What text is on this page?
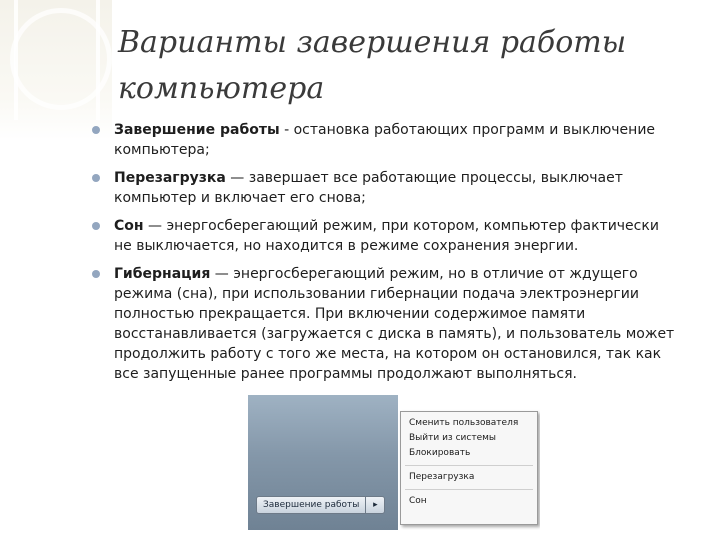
Варианты завершения работы компьютера
Завершение работы - остановка работающих программ и выключение компьютера;
Перезагрузка — завершает все работающие процессы, выключает компьютер и включает его снова;
Сон — энергосберегающий режим, при котором, компьютер фактически не выключается, но находится в режиме сохранения энергии.
Гибернация — энергосберегающий режим, но в отличие от ждущего режима (сна), при использовании гибернации подача электроэнергии полностью прекращается. При включении содержимое памяти восстанавливается (загружается с диска в память), и пользователь может продолжить работу с того же места, на котором он остановился, так как все запущенные ранее программы продолжают выполняться.
Завершение работы	▸
Сменить пользователя
Выйти из системы
Блокировать
Перезагрузка
Сон
